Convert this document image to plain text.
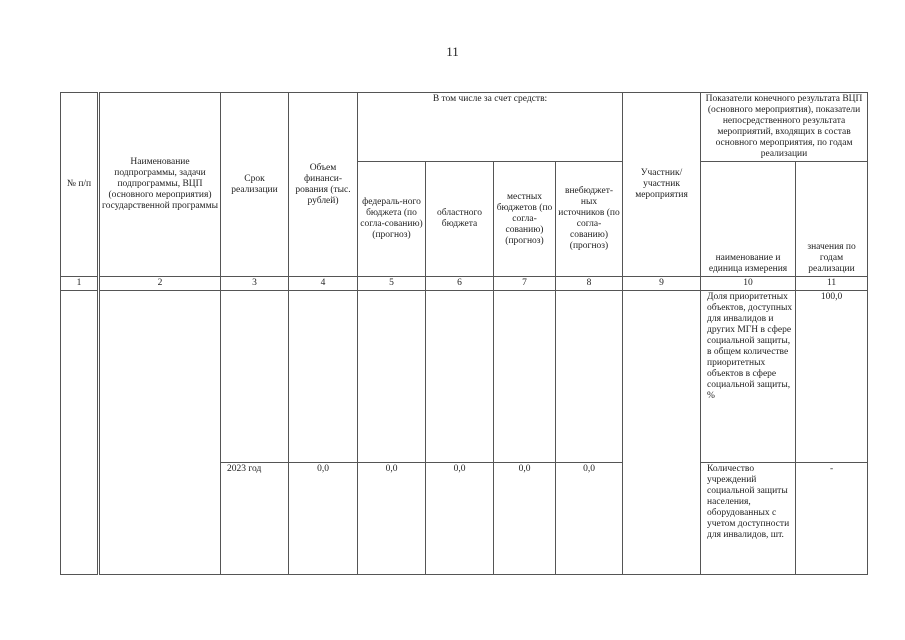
11
№ п/п	Наименование подпрограммы, задачи подпрограммы, ВЦП (основного мероприятия) государственной программы	Срок реализации	Объем финанси-рования (тыс. рублей)	В том числе за счет средств:				Участник/ участник мероприятия	Показатели конечного результата ВЦП (основного мероприятия), показатели непосредственного результата мероприятий, входящих в состав основного мероприятия, по годам реализации	
				федераль-ного бюджета (по согла-сованию) (прогноз)	областного бюджета	местных бюджетов (по согла-сованию) (прогноз)	внебюджет-ных источников (по согла-сованию) (прогноз)		наименование и единица измерения	значения по годам реализации
1	2	3	4	5	6	7	8	9	10	11
									Доля приоритетных объектов, доступных для инвалидов и других МГН в сфере социальной защиты, в общем количестве приоритетных объектов в сфере социальной защиты, %	100,0
		2023 год	0,0	0,0	0,0	0,0	0,0		Количество учреждений социальной защиты населения, оборудованных с учетом доступности для инвалидов, шт.	-
